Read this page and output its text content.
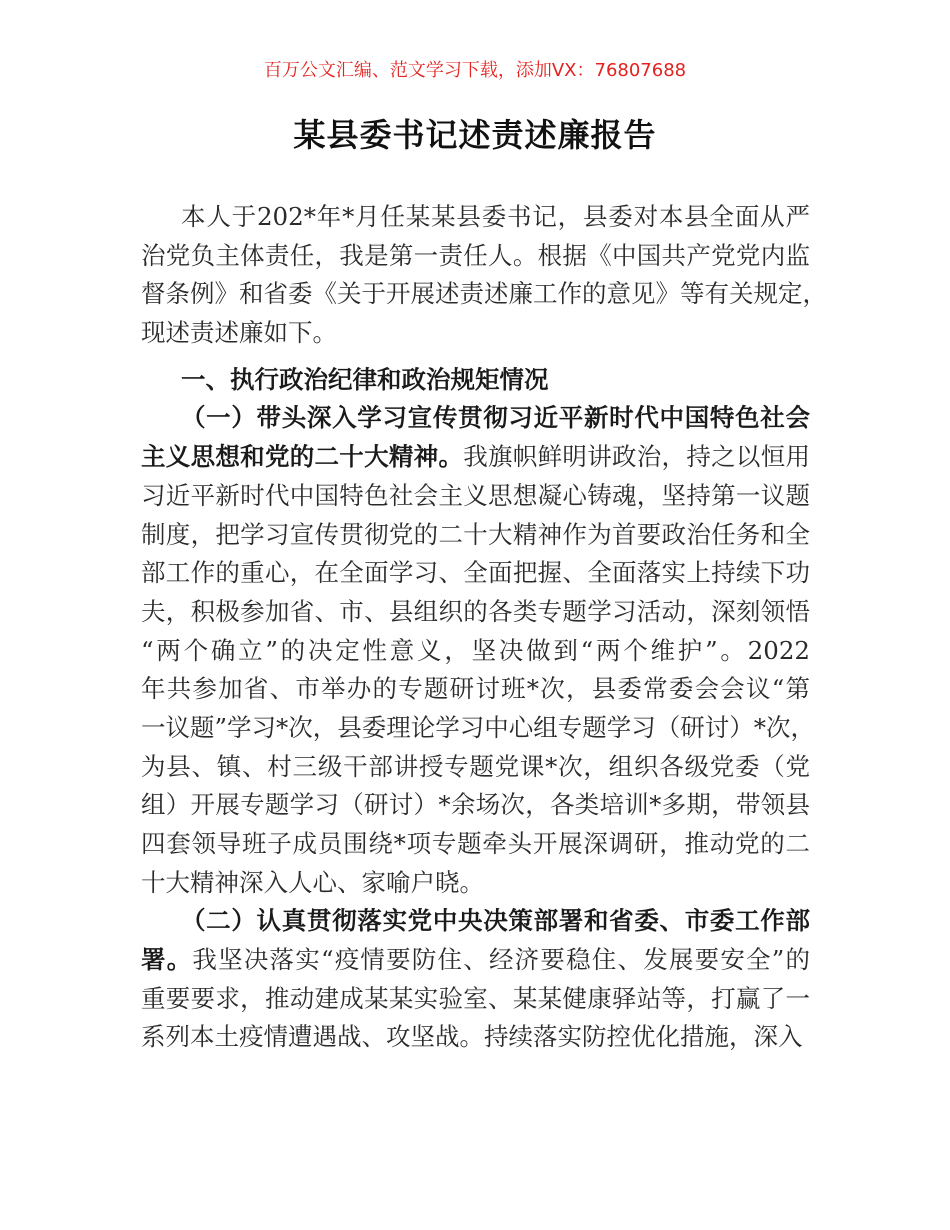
百万公文汇编、范文学习下载，添加VX：76807688
某县委书记述责述廉报告
本人于202*年*月任某某县委书记，县委对本县全面从严
治党负主体责任，我是第一责任人。根据《中国共产党党内监
督条例》和省委《关于开展述责述廉工作的意见》等有关规定，
现述责述廉如下。
一、执行政治纪律和政治规矩情况
（一）带头深入学习宣传贯彻习近平新时代中国特色社会
主义思想和党的二十大精神。我旗帜鲜明讲政治，持之以恒用
习近平新时代中国特色社会主义思想凝心铸魂，坚持第一议题
制度，把学习宣传贯彻党的二十大精神作为首要政治任务和全
部工作的重心，在全面学习、全面把握、全面落实上持续下功
夫，积极参加省、市、县组织的各类专题学习活动，深刻领悟
“两个确立”的决定性意义，坚决做到“两个维护”。2022
年共参加省、市举办的专题研讨班*次，县委常委会会议“第
一议题”学习*次，县委理论学习中心组专题学习（研讨）*次，
为县、镇、村三级干部讲授专题党课*次，组织各级党委（党
组）开展专题学习（研讨）*余场次，各类培训*多期，带领县
四套领导班子成员围绕*项专题牵头开展深调研，推动党的二
十大精神深入人心、家喻户晓。
（二）认真贯彻落实党中央决策部署和省委、市委工作部
署。我坚决落实“疫情要防住、经济要稳住、发展要安全”的
重要要求，推动建成某某实验室、某某健康驿站等，打赢了一
系列本土疫情遭遇战、攻坚战。持续落实防控优化措施，深入
